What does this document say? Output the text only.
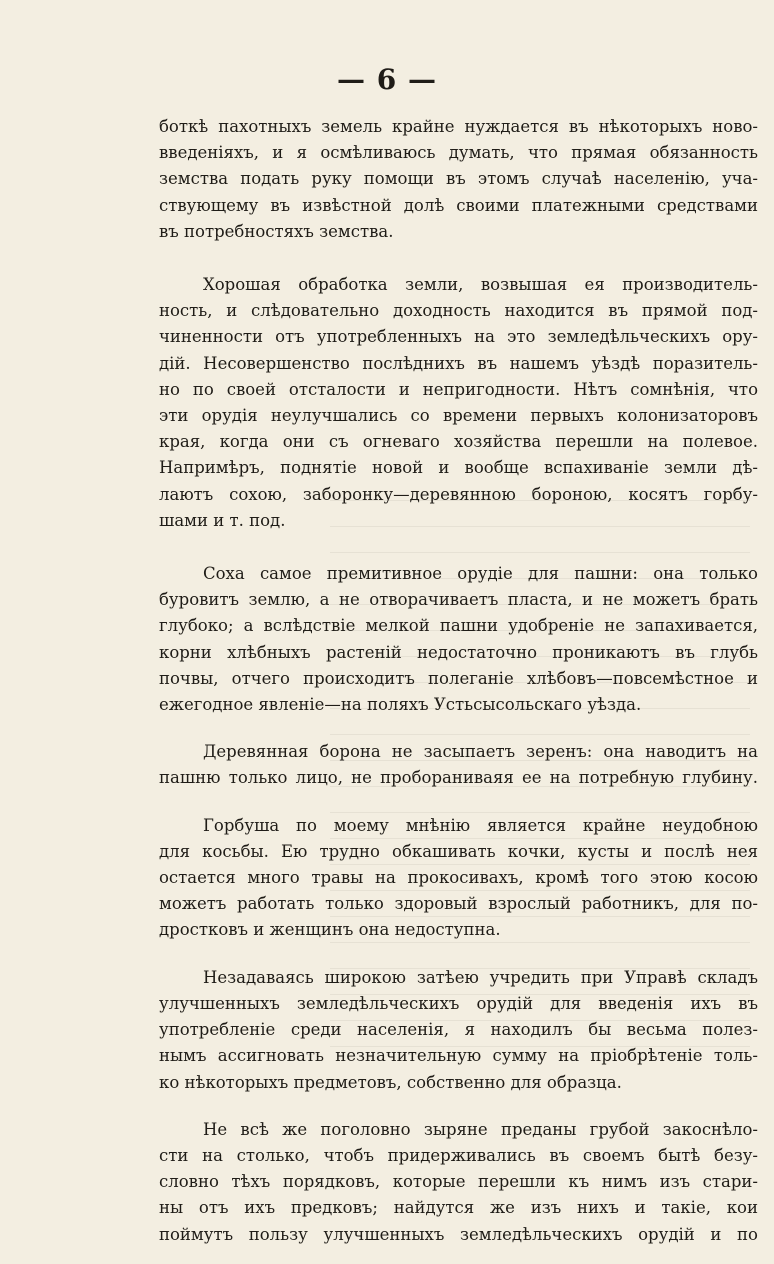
— 6 —
боткѣ пахотныхъ земель крайне нуждается въ нѣкоторыхъ ново-
введеніяхъ, и я осмѣливаюсь думать, что прямая обязанность
земства подать руку помощи въ этомъ случаѣ населенію, уча-
ствующему въ извѣстной долѣ своими платежными средствами
въ потребностяхъ земства.
Хорошая обработка земли, возвышая ея производитель-
ность, и слѣдовательно доходность находится въ прямой под-
чиненности отъ употребленныхъ на это земледѣльческихъ ору-
дій. Несовершенство послѣднихъ въ нашемъ уѣздѣ поразитель-
но по своей отсталости и непригодности. Нѣтъ сомнѣнія, что
эти орудія неулучшались со времени первыхъ колонизаторовъ
края, когда они съ огневаго хозяйства перешли на полевое.
Напримѣръ, поднятіе новой и вообще вспахиваніе земли дѣ-
лаютъ сохою, заборонку—деревянною бороною, косятъ горбу-
шами и т. под.
Соха самое премитивное орудіе для пашни: она только
буровитъ землю, а не отворачиваетъ пласта, и не можетъ брать
глубоко; а вслѣдствіе мелкой пашни удобреніе не запахивается,
корни хлѣбныхъ растеній недостаточно проникаютъ въ глубь
почвы, отчего происходитъ полеганіе хлѣбовъ—повсемѣстное и
ежегодное явленіе—на поляхъ Устьсысольскаго уѣзда.
Деревянная борона не засыпаетъ зеренъ: она наводитъ на
пашню только лицо, не пробораниваяя ее на потребную глубину.
Горбуша по моему мнѣнію является крайне неудобною
для косьбы. Ею трудно обкашивать кочки, кусты и послѣ нея
остается много травы на прокосивахъ, кромѣ того этою косою
можетъ работать только здоровый взрослый работникъ, для по-
дростковъ и женщинъ она недоступна.
Незадаваясь широкою затѣею учредить при Управѣ складъ
улучшенныхъ земледѣльческихъ орудій для введенія ихъ въ
употребленіе среди населенія, я находилъ бы весьма полез-
нымъ ассигновать незначительную сумму на пріобрѣтеніе толь-
ко нѣкоторыхъ предметовъ, собственно для образца.
Не всѣ же поголовно зыряне преданы грубой закоснѣло-
сти на столько, чтобъ придерживались въ своемъ бытѣ безу-
словно тѣхъ порядковъ, которые перешли къ нимъ изъ стари-
ны отъ ихъ предковъ; найдутся же изъ нихъ и такіе, кои
поймутъ пользу улучшенныхъ земледѣльческихъ орудій и по
